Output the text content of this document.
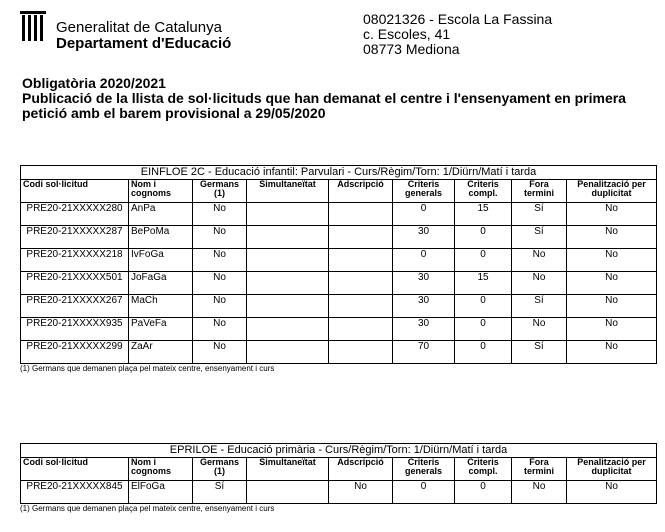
Generalitat de Catalunya
Departament d'Educació
08021326 - Escola La Fassina
c. Escoles, 41
08773 Mediona
Obligatòria 2020/2021
Publicació de la llista de sol·licituds que han demanat el centre i l'ensenyament en primera petició amb el barem provisional a 29/05/2020
EINFLOE 2C - Educació infantil: Parvulari - Curs/Règim/Torn: 1/Diürn/Matí i tarda								
Codi sol·licitud	Nom i cognoms	Germans (1)	Simultaneïtat	Adscripció	Criteris generals	Criteris compl.	Fora termini	Penalització per duplicitat
PRE20-21XXXXX280	AnPa	No			0	15	Sí	No
PRE20-21XXXXX287	BePoMa	No			30	0	Sí	No
PRE20-21XXXXX218	IvFoGa	No			0	0	No	No
PRE20-21XXXXX501	JoFaGa	No			30	15	No	No
PRE20-21XXXXX267	MaCh	No			30	0	Sí	No
PRE20-21XXXXX935	PaVeFa	No			30	0	No	No
PRE20-21XXXXX299	ZaAr	No			70	0	Sí	No
(1) Germans que demanen plaça pel mateix centre, ensenyament i curs
EPRILOE - Educació primària - Curs/Règim/Torn: 1/Diürn/Matí i tarda								
Codi sol·licitud	Nom i cognoms	Germans (1)	Simultaneïtat	Adscripció	Criteris generals	Criteris compl.	Fora termini	Penalització per duplicitat
PRE20-21XXXXX845	ElFoGa	Sí		No	0	0	No	No
(1) Germans que demanen plaça pel mateix centre, ensenyament i curs
